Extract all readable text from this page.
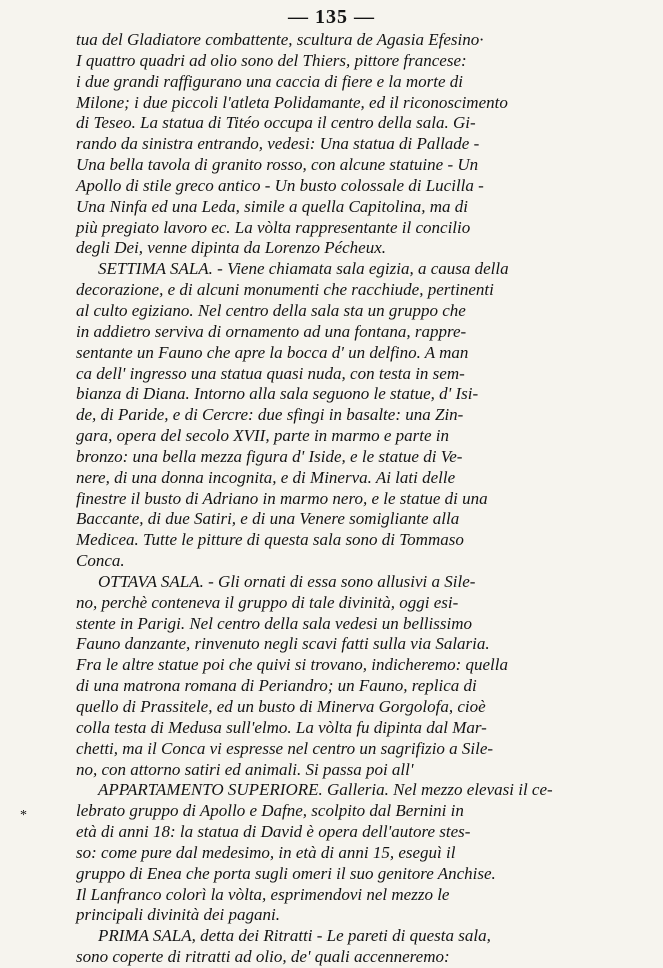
— 135 —
tua del Gladiatore combattente, scultura de Agasia Efesino·
I quattro quadri ad olio sono del Thiers, pittore francese:
i due grandi raffigurano una caccia di fiere e la morte di
Milone; i due piccoli l'atleta Polidamante, ed il riconoscimento
di Teseo. La statua di Titéo occupa il centro della sala. Gi-
rando da sinistra entrando, vedesi: Una statua di Pallade -
Una bella tavola di granito rosso, con alcune statuine - Un
Apollo di stile greco antico - Un busto colossale di Lucilla -
Una Ninfa ed una Leda, simile a quella Capitolina, ma di
più pregiato lavoro ec. La vòlta rappresentante il concilio
degli Dei, venne dipinta da Lorenzo Pécheux.
SETTIMA SALA. - Viene chiamata sala egizia, a causa della
decorazione, e di alcuni monumenti che racchiude, pertinenti
al culto egiziano. Nel centro della sala sta un gruppo che
in addietro serviva di ornamento ad una fontana, rappre-
sentante un Fauno che apre la bocca d' un delfino. A man
ca dell' ingresso una statua quasi nuda, con testa in sem-
bianza di Diana. Intorno alla sala seguono le statue, d' Isi-
de, di Paride, e di Cercre: due sfingi in basalte: una Zin-
gara, opera del secolo XVII, parte in marmo e parte in
bronzo: una bella mezza figura d' Iside, e le statue di Ve-
nere, di una donna incognita, e di Minerva. Ai lati delle
finestre il busto di Adriano in marmo nero, e le statue di una
Baccante, di due Satiri, e di una Venere somigliante alla
Medicea. Tutte le pitture di questa sala sono di Tommaso
Conca.
OTTAVA SALA. - Gli ornati di essa sono allusivi a Sile-
no, perchè conteneva il gruppo di tale divinità, oggi esi-
stente in Parigi. Nel centro della sala vedesi un bellissimo
Fauno danzante, rinvenuto negli scavi fatti sulla via Salaria.
Fra le altre statue poi che quivi si trovano, indicheremo: quella
di una matrona romana di Periandro; un Fauno, replica di
quello di Prassitele, ed un busto di Minerva Gorgolofa, cioè
colla testa di Medusa sull'elmo. La vòlta fu dipinta dal Mar-
chetti, ma il Conca vi espresse nel centro un sagrifizio a Sile-
no, con attorno satiri ed animali. Si passa poi all'
APPARTAMENTO SUPERIORE. Galleria. Nel mezzo elevasi il ce-
lebrato gruppo di Apollo e Dafne, scolpito dal Bernini in
età di anni 18: la statua di David è opera dell'autore stes-
so: come pure dal medesimo, in età di anni 15, eseguì il
gruppo di Enea che porta sugli omeri il suo genitore Anchise.
Il Lanfranco colorì la vòlta, esprimendovi nel mezzo le
principali divinità dei pagani.
PRIMA SALA, detta dei Ritratti - Le pareti di questa sala,
sono coperte di ritratti ad olio, de' quali accenneremo:
*
